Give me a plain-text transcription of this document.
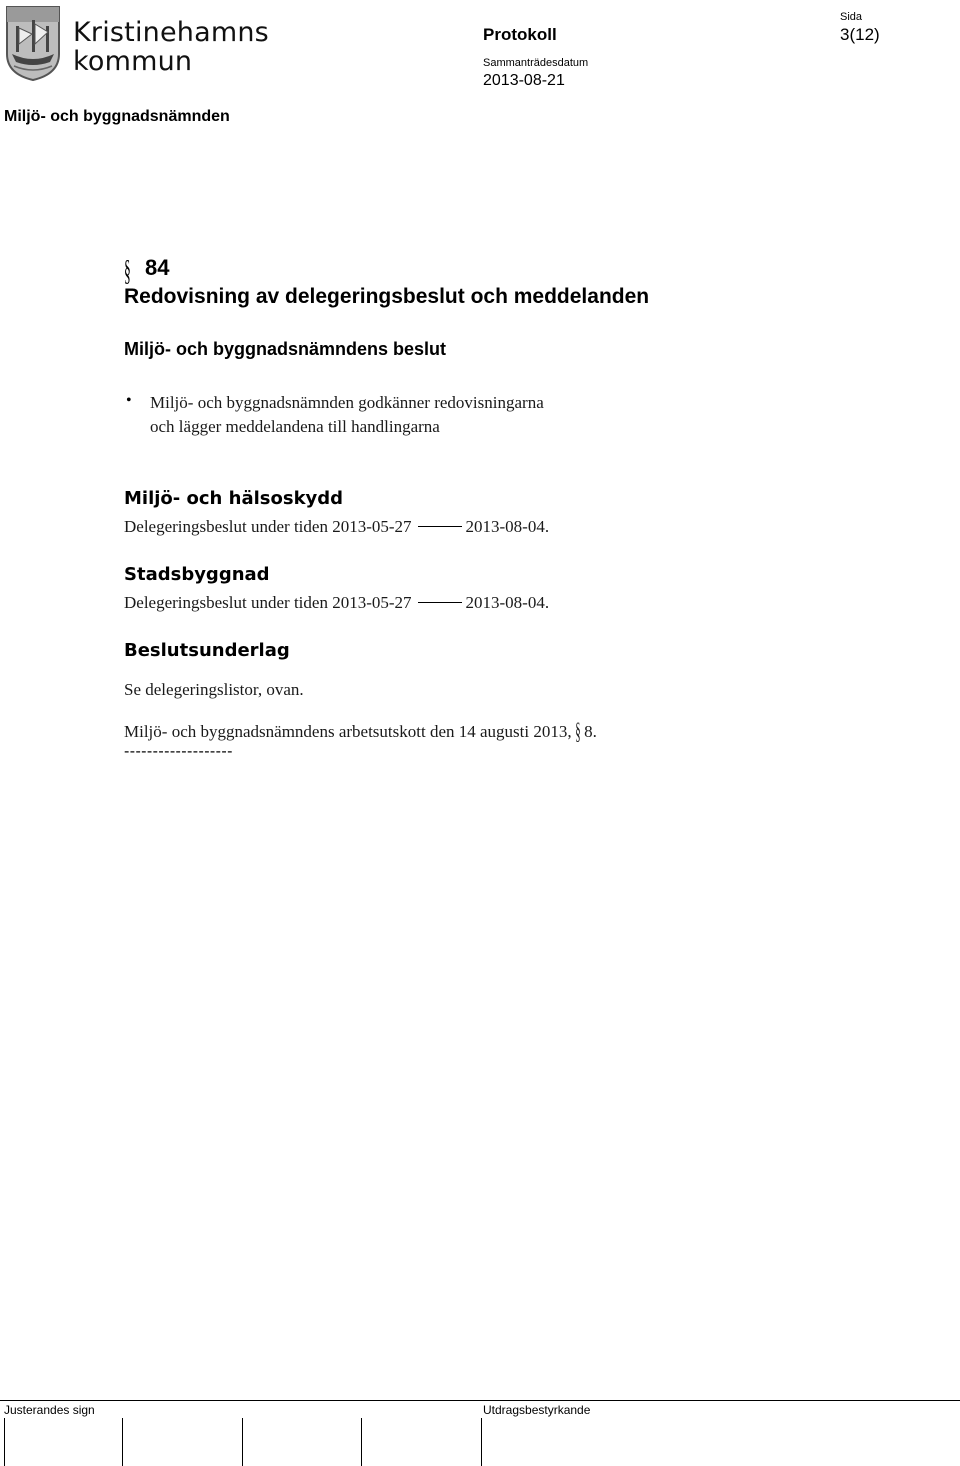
Kristinehamns
kommun
Protokoll
Sammanträdesdatum
2013-08-21
Sida
3(12)
Miljö- och byggnadsnämnden
§ 84
Redovisning av delegeringsbeslut och meddelanden
Miljö- och byggnadsnämndens beslut
• Miljö- och byggnadsnämnden godkänner redovisningarna
och lägger meddelandena till handlingarna
Miljö- och hälsoskydd
Delegeringsbeslut under tiden 2013-05-27	2013-08-04.
Stadsbyggnad
Delegeringsbeslut under tiden 2013-05-27	2013-08-04.
Beslutsunderlag
Se delegeringslistor, ovan.
Miljö- och byggnadsnämndens arbetsutskott den 14 augusti 2013, § 8.
-------------------
Justerandes sign	Utdragsbestyrkande
